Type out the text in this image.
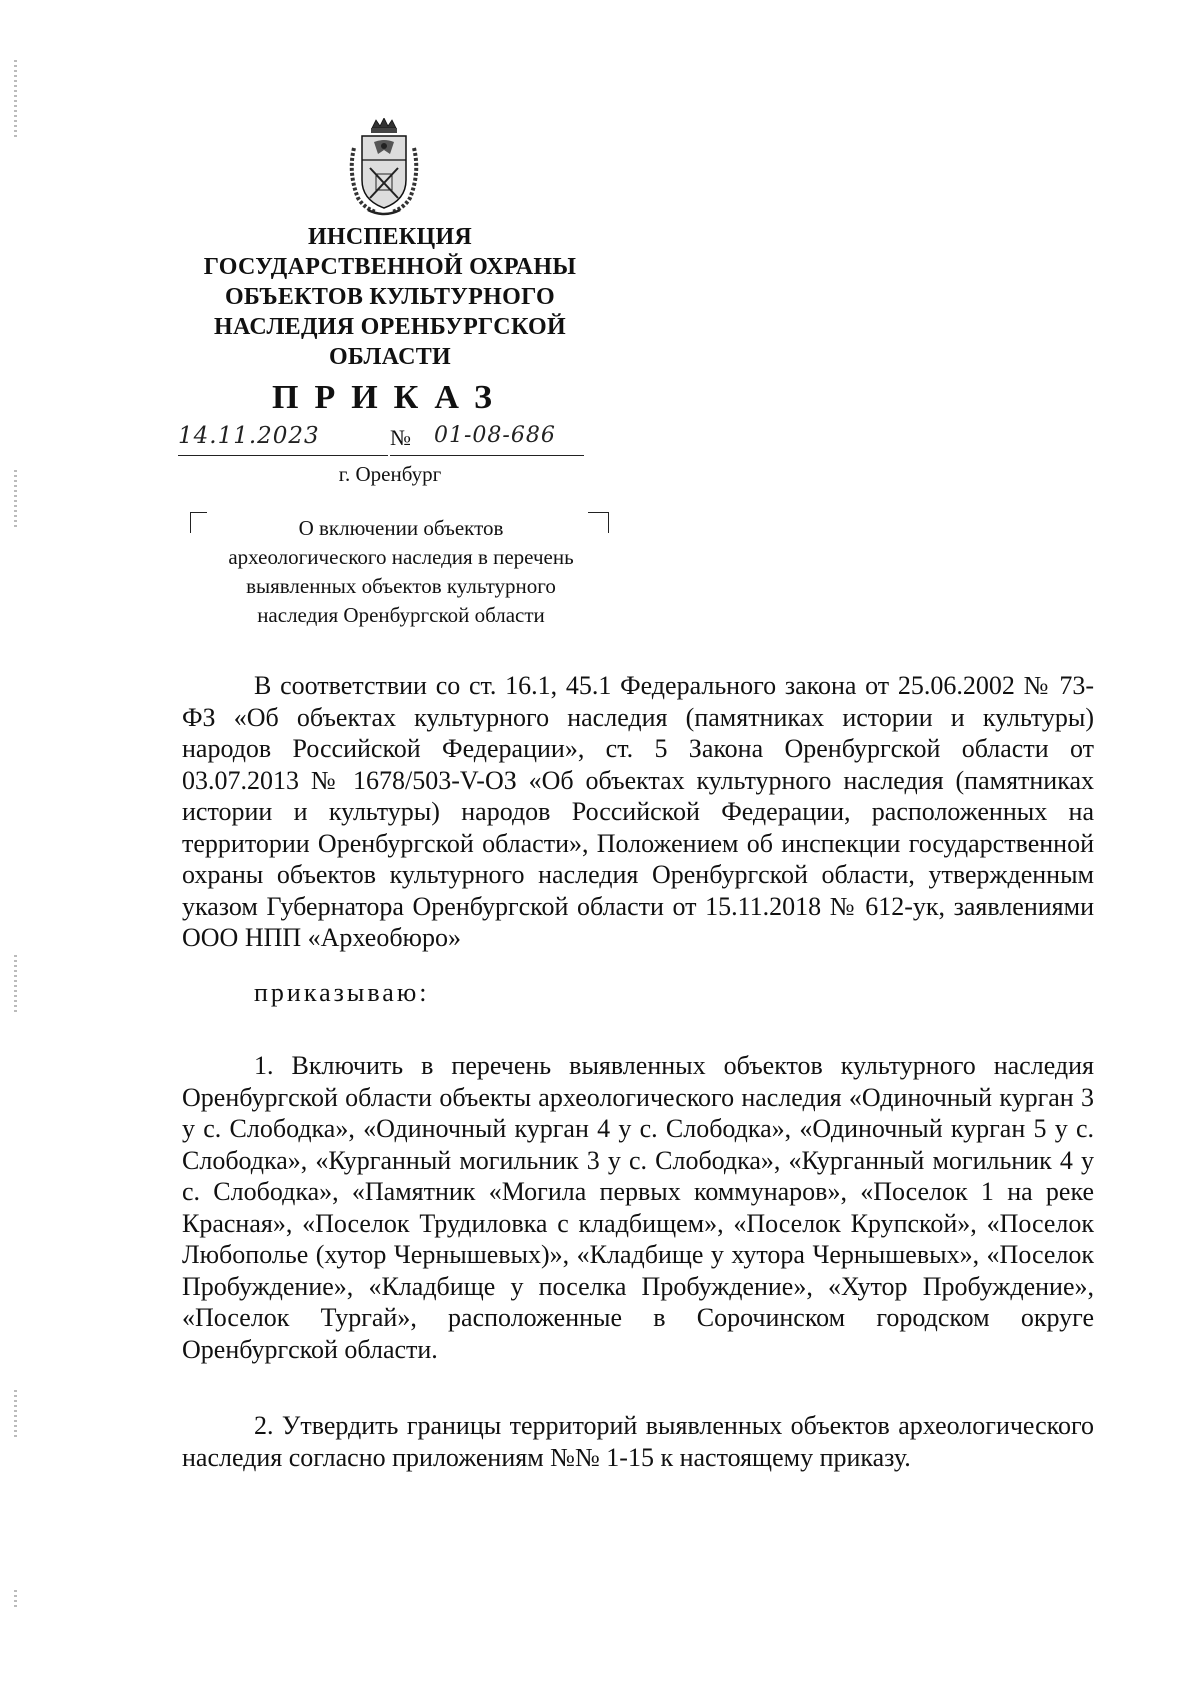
ИНСПЕКЦИЯ
ГОСУДАРСТВЕННОЙ ОХРАНЫ
ОБЪЕКТОВ КУЛЬТУРНОГО
НАСЛЕДИЯ ОРЕНБУРГСКОЙ
ОБЛАСТИ
ПРИКАЗ
14.11.2023	№ 01-08-686
г. Оренбург
О включении объектов
археологического наследия в перечень
выявленных объектов культурного
наследия Оренбургской области
В соответствии со ст. 16.1, 45.1 Федерального закона от 25.06.2002 № 73-ФЗ «Об объектах культурного наследия (памятниках истории и культуры) народов Российской Федерации», ст. 5 Закона Оренбургской области от 03.07.2013 № 1678/503-V-ОЗ «Об объектах культурного наследия (памятниках истории и культуры) народов Российской Федерации, расположенных на территории Оренбургской области», Положением об инспекции государственной охраны объектов культурного наследия Оренбургской области, утвержденным указом Губернатора Оренбургской области от 15.11.2018 № 612-ук, заявлениями ООО НПП «Археобюро»
приказываю:
1. Включить в перечень выявленных объектов культурного наследия Оренбургской области объекты археологического наследия «Одиночный курган 3 у с. Слободка», «Одиночный курган 4 у с. Слободка», «Одиночный курган 5 у с. Слободка», «Курганный могильник 3 у с. Слободка», «Курганный могильник 4 у с. Слободка», «Памятник «Могила первых коммунаров», «Поселок 1 на реке Красная», «Поселок Трудиловка с кладбищем», «Поселок Крупской», «Поселок Любополье (хутор Чернышевых)», «Кладбище у хутора Чернышевых», «Поселок Пробуждение», «Кладбище у поселка Пробуждение», «Хутор Пробуждение», «Поселок Тургай», расположенные в Сорочинском городском округе Оренбургской области.
2. Утвердить границы территорий выявленных объектов археологического наследия согласно приложениям №№ 1-15 к настоящему приказу.
